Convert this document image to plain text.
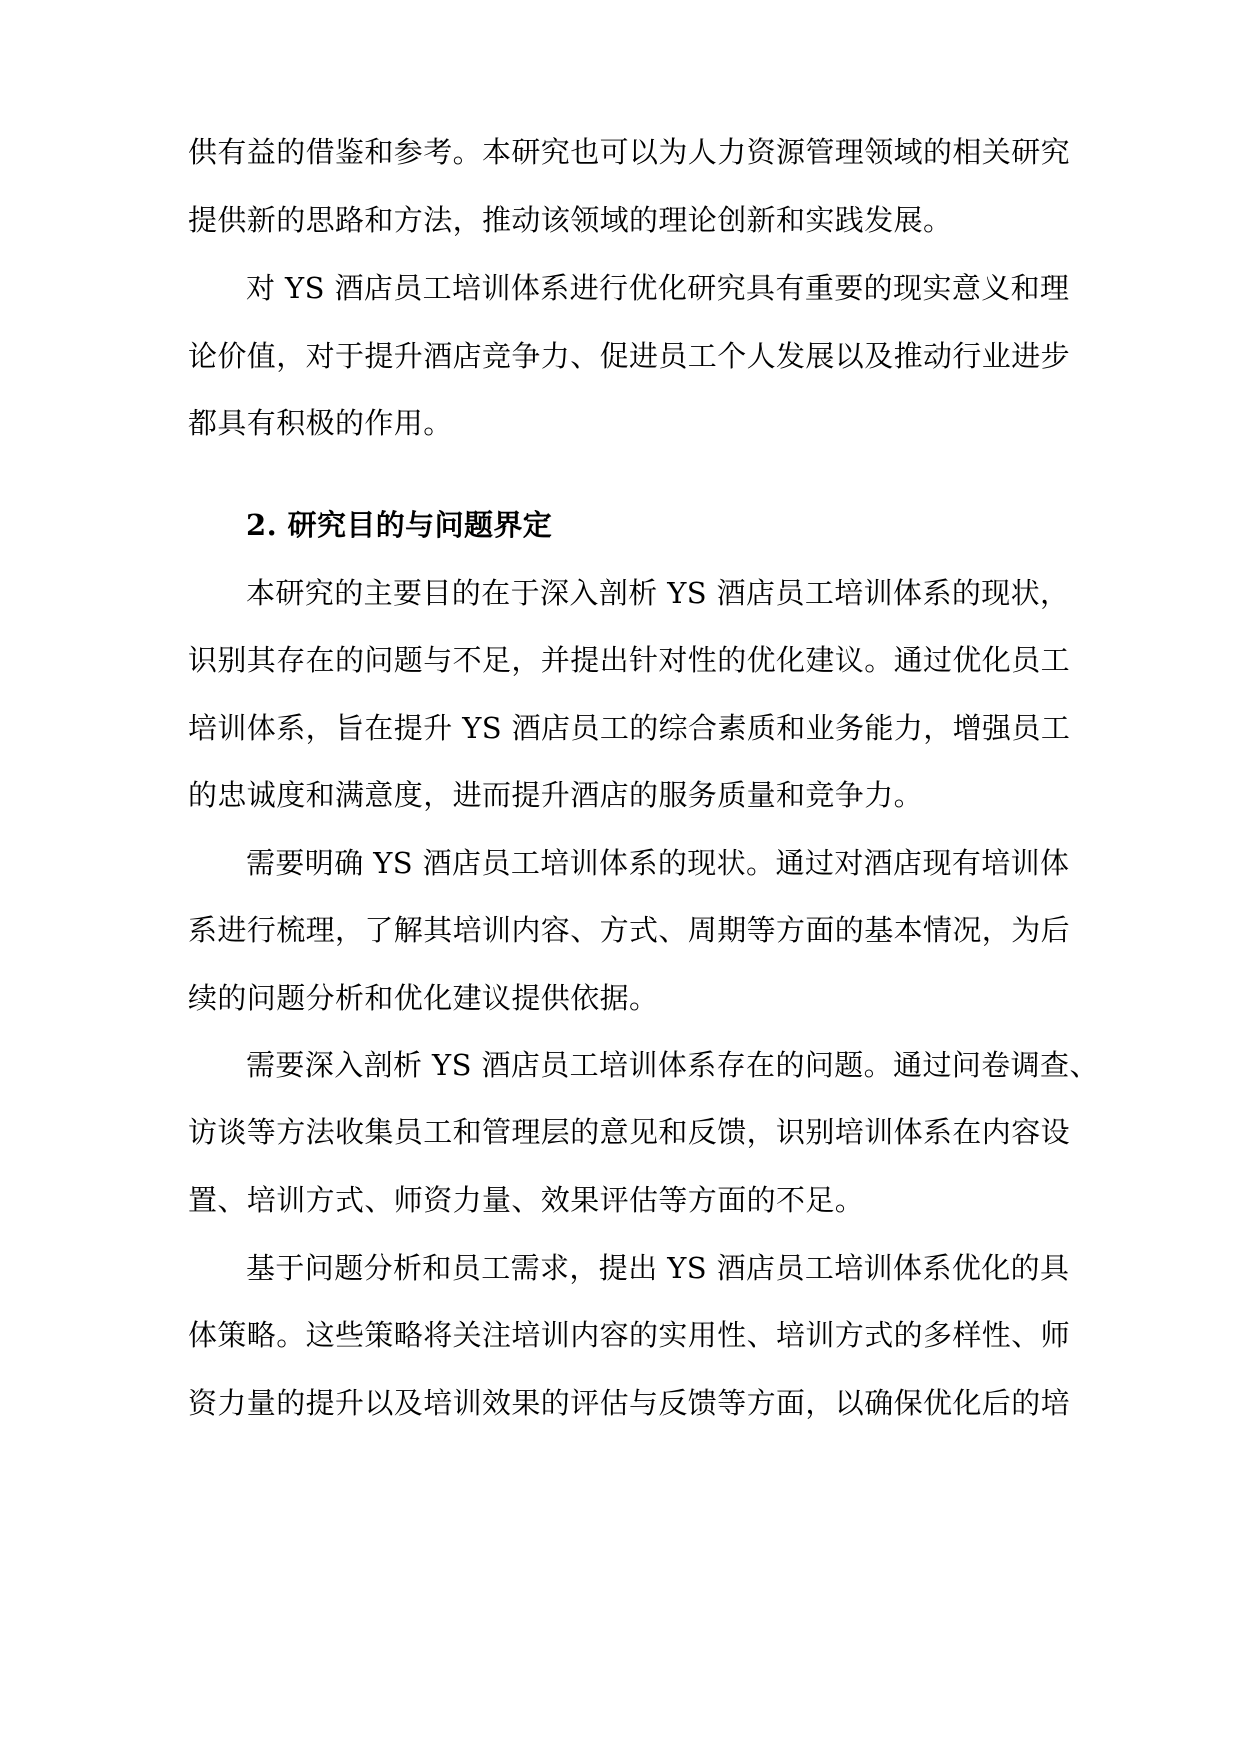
供有益的借鉴和参考。本研究也可以为人力资源管理领域的相关研究
提供新的思路和方法，推动该领域的理论创新和实践发展。
对 YS 酒店员工培训体系进行优化研究具有重要的现实意义和理
论价值，对于提升酒店竞争力、促进员工个人发展以及推动行业进步
都具有积极的作用。
2. 研究目的与问题界定
本研究的主要目的在于深入剖析 YS 酒店员工培训体系的现状，
识别其存在的问题与不足，并提出针对性的优化建议。通过优化员工
培训体系，旨在提升 YS 酒店员工的综合素质和业务能力，增强员工
的忠诚度和满意度，进而提升酒店的服务质量和竞争力。
需要明确 YS 酒店员工培训体系的现状。通过对酒店现有培训体
系进行梳理，了解其培训内容、方式、周期等方面的基本情况，为后
续的问题分析和优化建议提供依据。
需要深入剖析 YS 酒店员工培训体系存在的问题。通过问卷调查、
访谈等方法收集员工和管理层的意见和反馈，识别培训体系在内容设
置、培训方式、师资力量、效果评估等方面的不足。
基于问题分析和员工需求，提出 YS 酒店员工培训体系优化的具
体策略。这些策略将关注培训内容的实用性、培训方式的多样性、师
资力量的提升以及培训效果的评估与反馈等方面，以确保优化后的培
